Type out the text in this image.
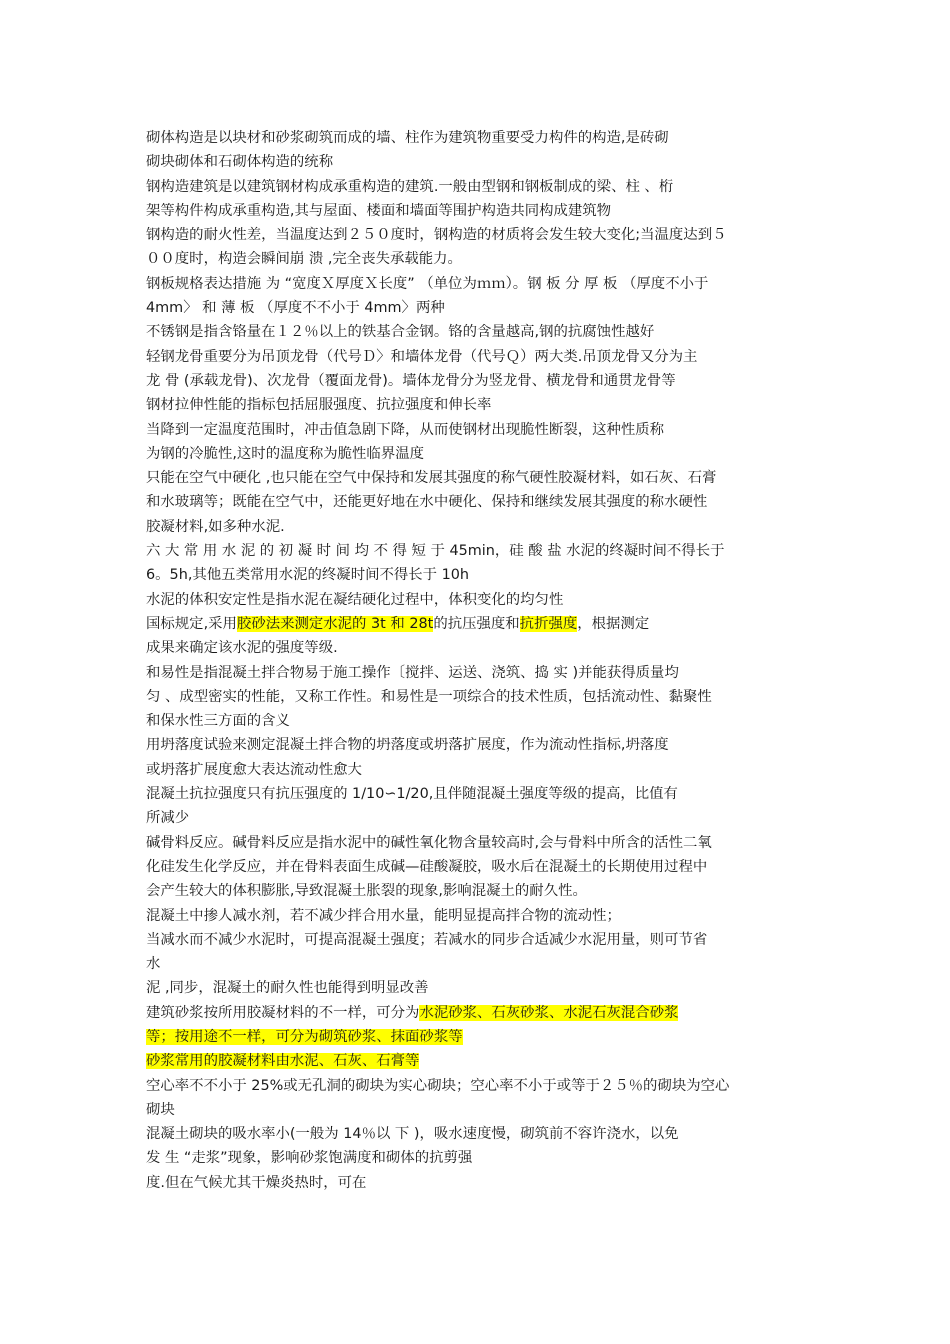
砌体构造是以块材和砂浆砌筑而成的墙、柱作为建筑物重要受力构件的构造,是砖砌
砌块砌体和石砌体构造的统称
钢构造建筑是以建筑钢材构成承重构造的建筑.一般由型钢和钢板制成的梁、柱 、桁
架等构件构成承重构造,其与屋面、楼面和墙面等围护构造共同构成建筑物
钢构造的耐火性差，当温度达到２５０度时，钢构造的材质将会发生较大变化;当温度达到５
００度时，构造会瞬间崩 溃 ,完全丧失承载能力。
钢板规格表达措施 为 “宽度Ｘ厚度Ｘ长度” （单位为ｍｍ）。钢 板 分 厚 板 （厚度不小于
4mm〉 和 薄 板 （厚度不不小于 4mm〉两种
不锈钢是指含铬量在１２％以上的铁基合金钢。铬的含量越高,钢的抗腐蚀性越好
轻钢龙骨重要分为吊顶龙骨（代号Ｄ〉和墙体龙骨（代号Ｑ）两大类.吊顶龙骨又分为主
龙 骨 (承载龙骨)、次龙骨（覆面龙骨)。墙体龙骨分为竖龙骨、横龙骨和通贯龙骨等
钢材拉伸性能的指标包括屈服强度、抗拉强度和伸长率
当降到一定温度范围时，冲击值急剧下降，从而使钢材出现脆性断裂，这种性质称
为钢的冷脆性,这时的温度称为脆性临界温度
只能在空气中硬化 ,也只能在空气中保持和发展其强度的称气硬性胶凝材料，如石灰、石膏
和水玻璃等；既能在空气中，还能更好地在水中硬化、保持和继续发展其强度的称水硬性
胶凝材料,如多种水泥.
六 大 常 用 水 泥 的 初 凝 时 间 均 不 得 短 于 45min，硅 酸 盐 水泥的终凝时间不得长于
6。5h,其他五类常用水泥的终凝时间不得长于 10h
水泥的体积安定性是指水泥在凝结硬化过程中，体积变化的均匀性
国标规定,采用胶砂法来测定水泥的 3t 和 28t的抗压强度和抗折强度，根据测定
成果来确定该水泥的强度等级.
和易性是指混凝土拌合物易于施工操作〔搅拌、运送、浇筑、捣 实 )并能获得质量均
匀 、成型密实的性能，又称工作性。和易性是一项综合的技术性质，包括流动性、黏聚性
和保水性三方面的含义
用坍落度试验来测定混凝土拌合物的坍落度或坍落扩展度，作为流动性指标,坍落度
或坍落扩展度愈大表达流动性愈大
混凝土抗拉强度只有抗压强度的 1/10∽1/20,且伴随混凝土强度等级的提高，比值有
所减少
碱骨料反应。碱骨料反应是指水泥中的碱性氧化物含量较高时,会与骨料中所含的活性二氧
化硅发生化学反应，并在骨料表面生成碱—硅酸凝胶，吸水后在混凝土的长期使用过程中
会产生较大的体积膨胀,导致混凝土胀裂的现象,影响混凝土的耐久性。
混凝土中掺人减水剂，若不减少拌合用水量，能明显提高拌合物的流动性；
当减水而不减少水泥时，可提高混凝土强度；若减水的同步合适减少水泥用量，则可节省
水
泥 ,同步，混凝土的耐久性也能得到明显改善
建筑砂浆按所用胶凝材料的不一样，可分为水泥砂浆、石灰砂浆、水泥石灰混合砂浆
等；按用途不一样，可分为砌筑砂浆、抹面砂浆等
砂浆常用的胶凝材料由水泥、石灰、石膏等
空心率不不小于 25%或无孔洞的砌块为实心砌块；空心率不小于或等于２５％的砌块为空心
砌块
混凝土砌块的吸水率小(一般为 14％以 下 )，吸水速度慢，砌筑前不容许浇水，以免
发 生 “走浆”现象，影响砂浆饱满度和砌体的抗剪强
度.但在气候尤其干燥炎热时，可在
